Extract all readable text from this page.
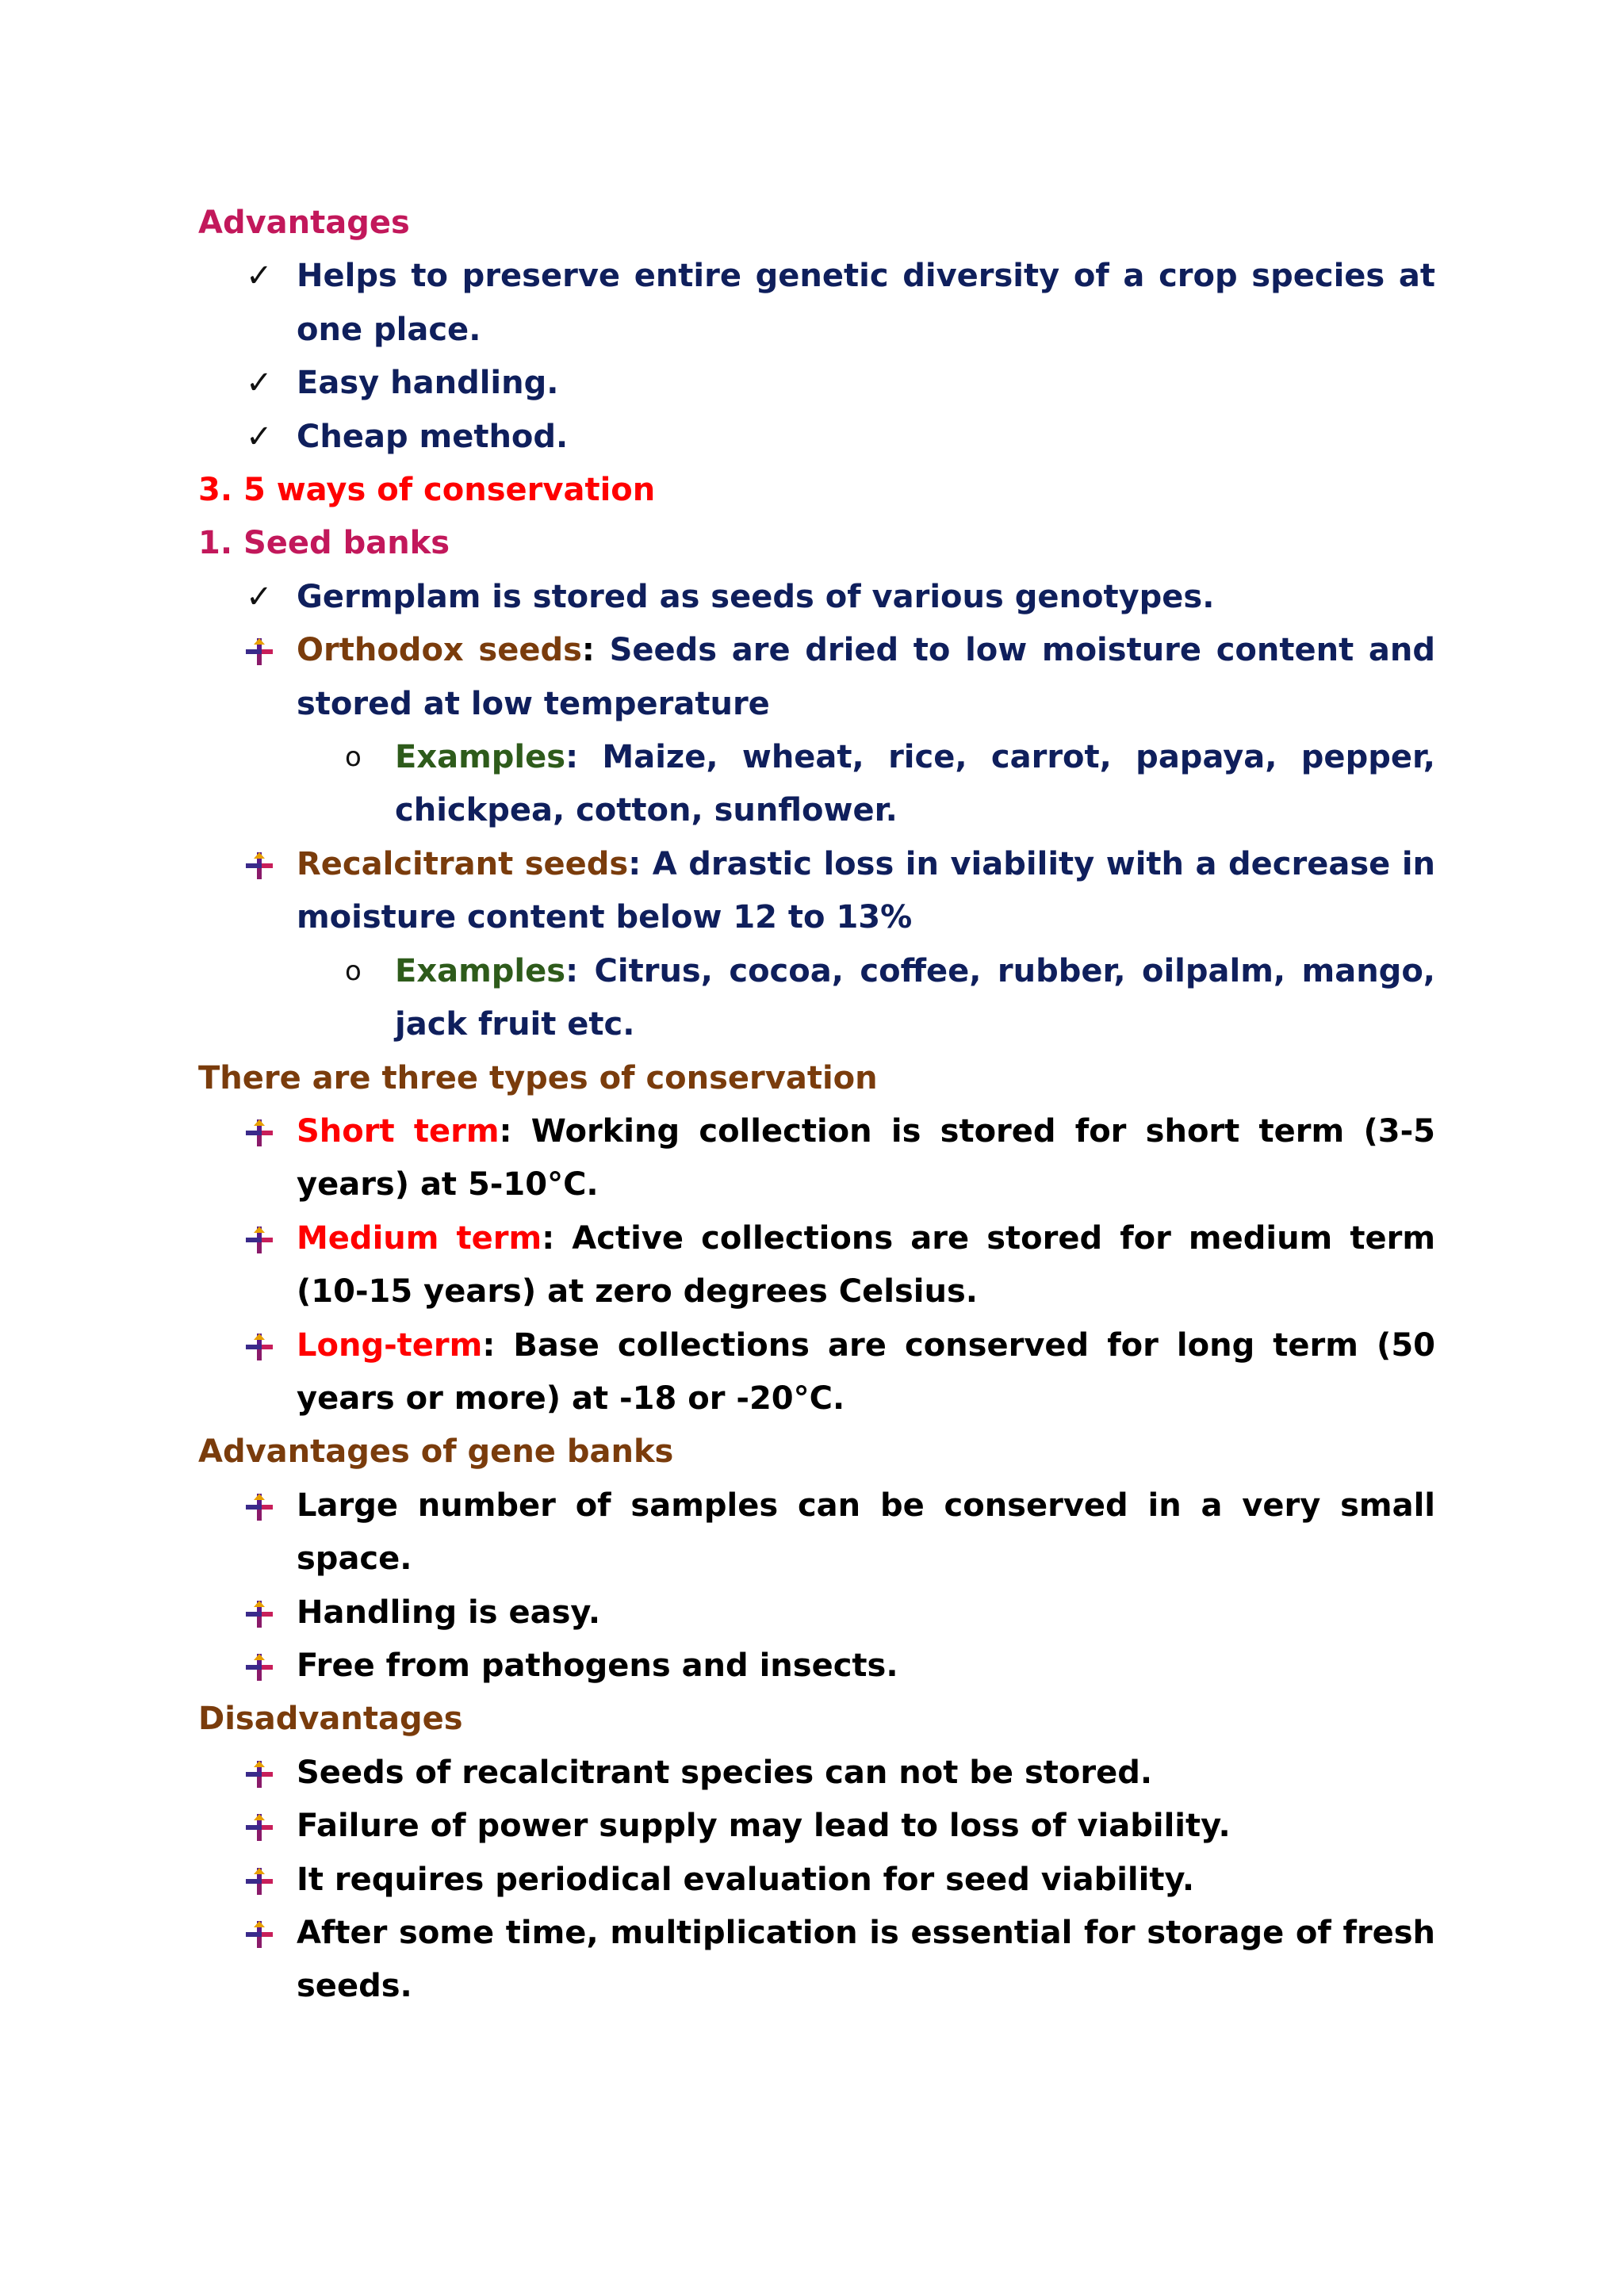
Advantages
✓ Helps to preserve entire genetic diversity of a crop species at one place.
✓ Easy handling.
✓ Cheap method.
3. 5 ways of conservation
1. Seed banks
✓ Germplam is stored as seeds of various genotypes.
Orthodox seeds: Seeds are dried to low moisture content and stored at low temperature
o	Examples: Maize, wheat, rice, carrot, papaya, pepper, chickpea, cotton, sunflower.
Recalcitrant seeds: A drastic loss in viability with a decrease in moisture content below 12 to 13%
o	Examples: Citrus, cocoa, coffee, rubber, oilpalm, mango, jack fruit etc.
There are three types of conservation
Short term: Working collection is stored for short term (3-5 years) at 5-10°C.
Medium term: Active collections are stored for medium term (10-15 years) at zero degrees Celsius.
Long-term: Base collections are conserved for long term (50 years or more) at -18 or -20°C.
Advantages of gene banks
Large number of samples can be conserved in a very small space.
Handling is easy.
Free from pathogens and insects.
Disadvantages
Seeds of recalcitrant species can not be stored.
Failure of power supply may lead to loss of viability.
It requires periodical evaluation for seed viability.
After some time, multiplication is essential for storage of fresh seeds.
